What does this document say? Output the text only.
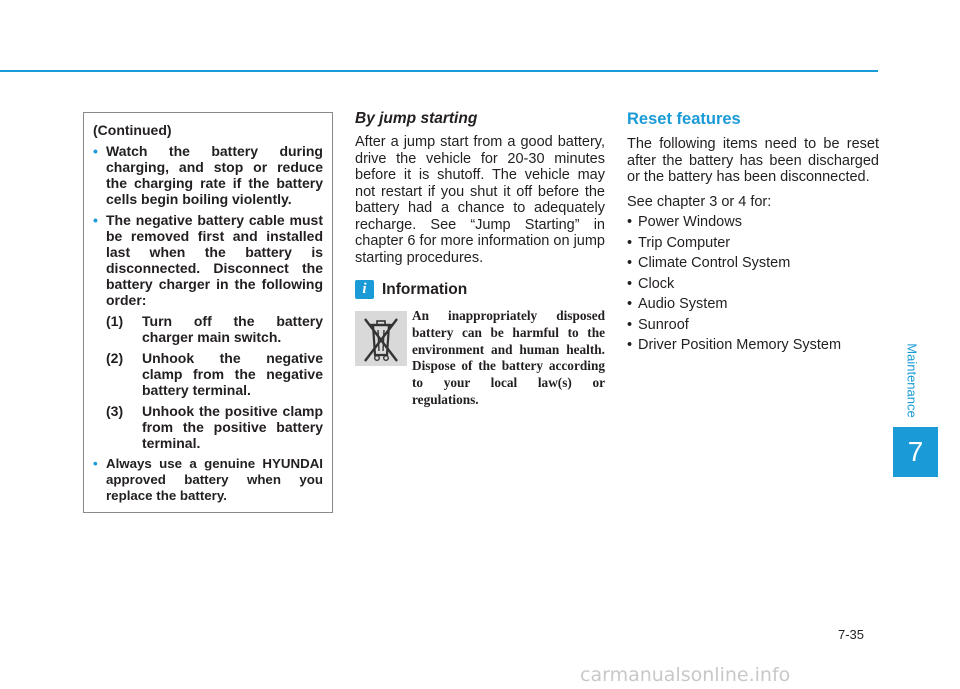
Maintenance
7
(Continued)
• Watch the battery during charging, and stop or reduce the charging rate if the battery cells begin boiling violently.
• The negative battery cable must be removed first and installed last when the battery is disconnected. Disconnect the battery charger in the following order:
(1) Turn off the battery charger main switch.
(2) Unhook the negative clamp from the negative battery terminal.
(3) Unhook the positive clamp from the positive battery terminal.
• Always use a genuine HYUNDAI approved battery when you replace the battery.
By jump starting

After a jump start from a good battery, drive the vehicle for 20-30 minutes before it is shutoff. The vehicle may not restart if you shut it off before the battery had a chance to adequately recharge. See “Jump Starting” in chapter 6 for more information on jump starting procedures.

i Information
An inappropriately disposed battery can be harmful to the environment and human health. Dispose of the battery according to your local law(s) or regulations.
Reset features

The following items need to be reset after the battery has been discharged or the battery has been disconnected.

See chapter 3 or 4 for:

• Power Windows
• Trip Computer
• Climate Control System
• Clock
• Audio System
• Sunroof
• Driver Position Memory System
7-35
carmanualsonline.info
